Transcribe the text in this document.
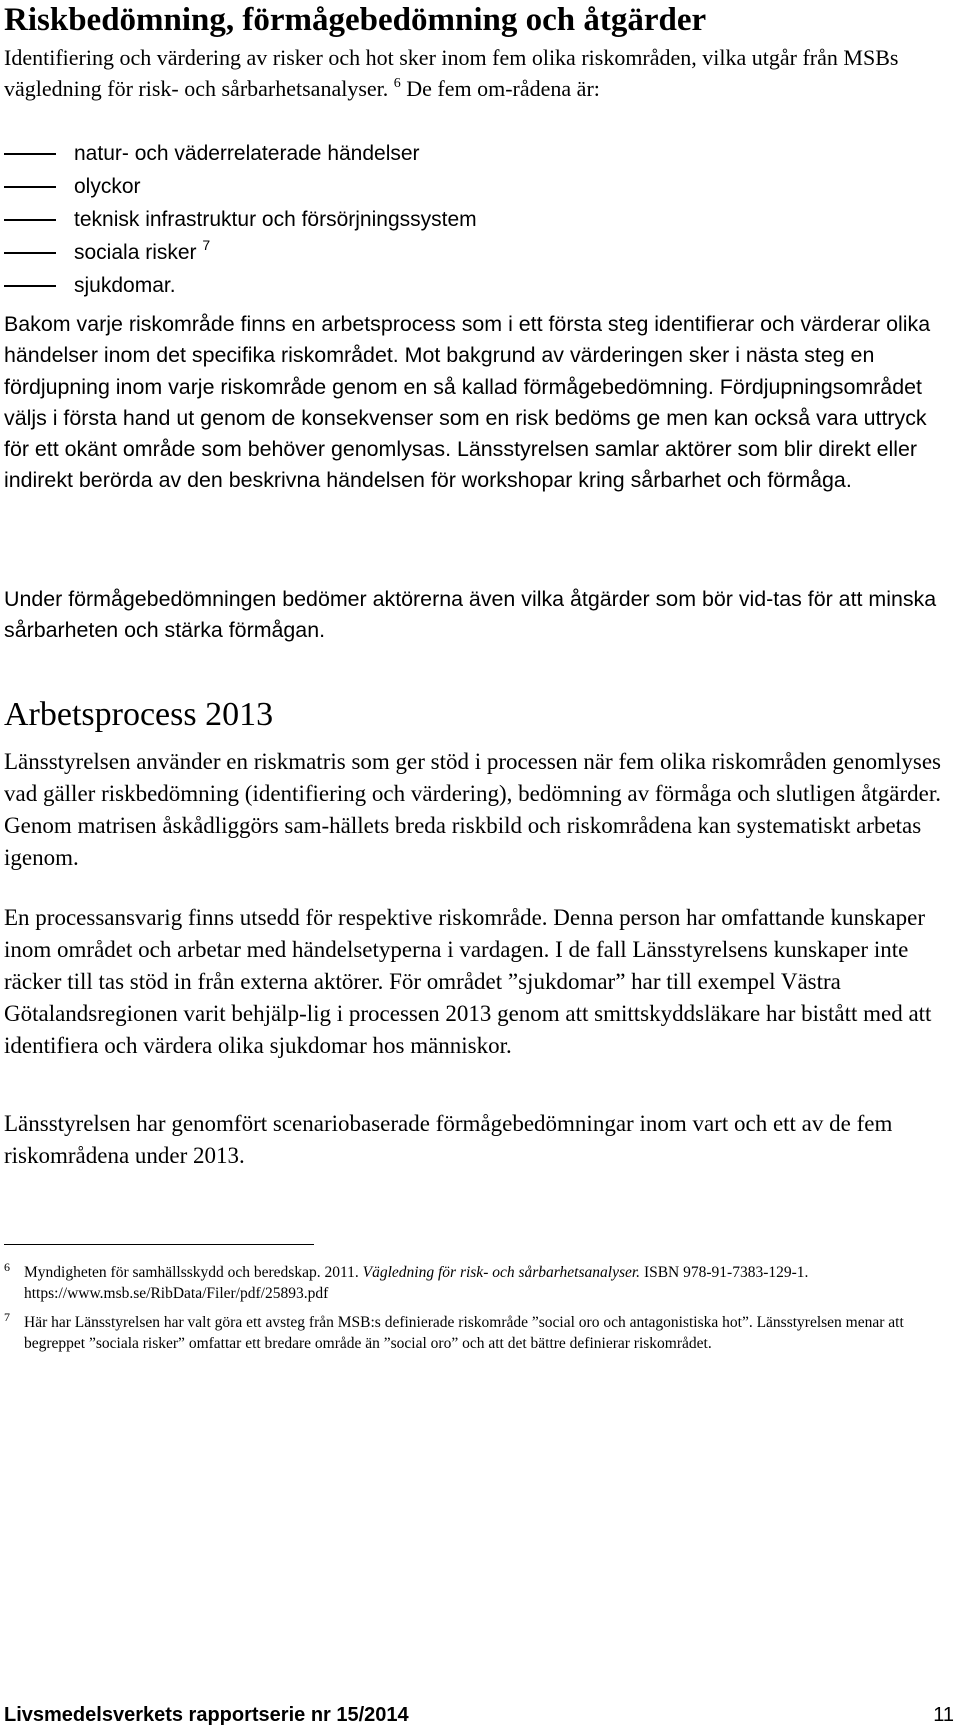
Riskbedömning, förmågebedömning och åtgärder

Identifiering och värdering av risker och hot sker inom fem olika riskområden, vilka utgår från MSBs vägledning för risk- och sårbarhetsanalyser. $^6$ De fem om-rådena är:

natur- och väderrelaterade händelser
olyckor
teknisk infrastruktur och försörjningssystem
sociala risker $^7$
sjukdomar.

Bakom varje riskområde finns en arbetsprocess som i ett första steg identifierar och värderar olika händelser inom det specifika riskområdet. Mot bakgrund av värderingen sker i nästa steg en fördjupning inom varje riskområde genom en så kallad förmågebedömning. Fördjupningsområdet väljs i första hand ut genom de konsekvenser som en risk bedöms ge men kan också vara uttryck för ett okänt område som behöver genomlysas. Länsstyrelsen samlar aktörer som blir direkt eller indirekt berörda av den beskrivna händelsen för workshopar kring sårbarhet och förmåga.

Under förmågebedömningen bedömer aktörerna även vilka åtgärder som bör vid-tas för att minska sårbarheten och stärka förmågan.

Arbetsprocess 2013

Länsstyrelsen använder en riskmatris som ger stöd i processen när fem olika riskområden genomlyses vad gäller riskbedömning (identifiering och värdering), bedömning av förmåga och slutligen åtgärder. Genom matrisen åskådliggörs sam-hällets breda riskbild och riskområdena kan systematiskt arbetas igenom.

En processansvarig finns utsedd för respektive riskområde. Denna person har omfattande kunskaper inom området och arbetar med händelsetyperna i vardagen. I de fall Länsstyrelsens kunskaper inte räcker till tas stöd in från externa aktörer. För området ”sjukdomar” har till exempel Västra Götalandsregionen varit behjälp-lig i processen 2013 genom att smittskyddsläkare har bistått med att identifiera och värdera olika sjukdomar hos människor.

Länsstyrelsen har genomfört scenariobaserade förmågebedömningar inom vart och ett av de fem riskområdena under 2013.

6 Myndigheten för samhällsskydd och beredskap. 2011. Vägledning för risk- och sårbarhetsanalyser. ISBN 978-91-7383-129-1. https://www.msb.se/RibData/Filer/pdf/25893.pdf

7 Här har Länsstyrelsen har valt göra ett avsteg från MSB:s definierade riskområde ”social oro och antagonistiska hot”. Länsstyrelsen menar att begreppet ”sociala risker” omfattar ett bredare område än ”social oro” och att det bättre definierar riskområdet.

Livsmedelsverkets rapportserie nr 15/2014	11
